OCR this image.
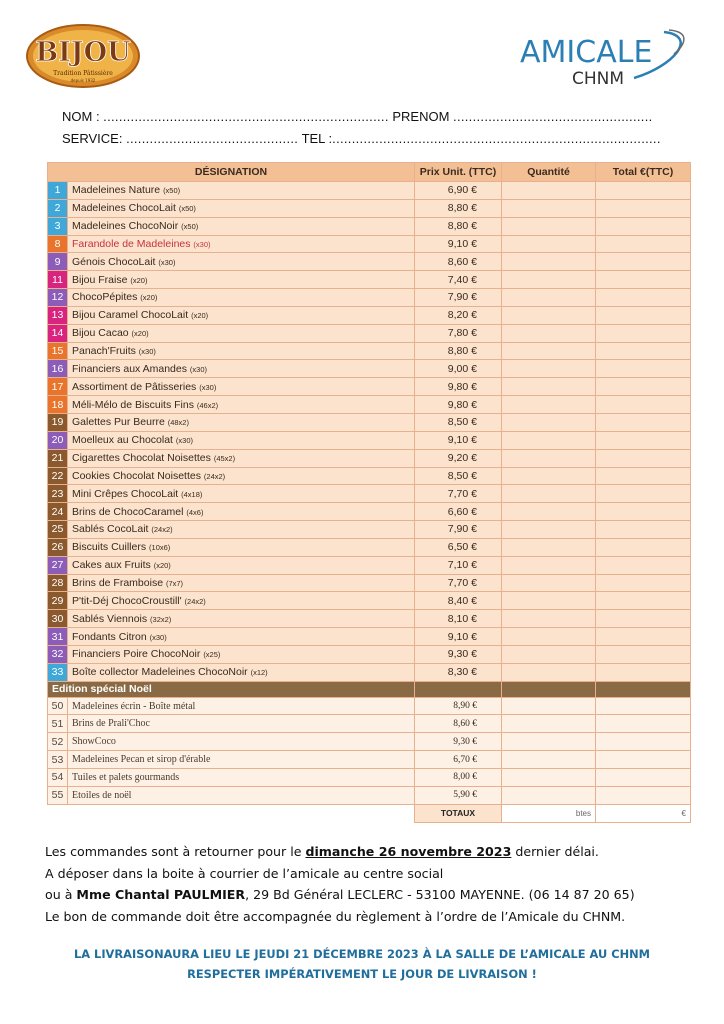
BIJOU
Tradition Pâtissière
depuis 1932
AMICALE
CHNM
NOM : ......................................................................... PRENOM ...................................................
SERVICE: ............................................ TEL :....................................................................................
DÉSIGNATION		Prix Unit. (TTC)	Quantité	Total €(TTC)
1	Madeleines Nature (x50)	6,90 €		
2	Madeleines ChocoLait (x50)	8,80 €		
3	Madeleines ChocoNoir (x50)	8,80 €		
8	Farandole de Madeleines (x30)	9,10 €		
9	Génois ChocoLait (x30)	8,60 €		
11	Bijou Fraise (x20)	7,40 €		
12	ChocoPépites (x20)	7,90 €		
13	Bijou Caramel ChocoLait (x20)	8,20 €		
14	Bijou Cacao (x20)	7,80 €		
15	Panach'Fruits (x30)	8,80 €		
16	Financiers aux Amandes (x30)	9,00 €		
17	Assortiment de Pâtisseries (x30)	9,80 €		
18	Méli-Mélo de Biscuits Fins (46x2)	9,80 €		
19	Galettes Pur Beurre (48x2)	8,50 €		
20	Moelleux au Chocolat (x30)	9,10 €		
21	Cigarettes Chocolat Noisettes (45x2)	9,20 €		
22	Cookies Chocolat Noisettes (24x2)	8,50 €		
23	Mini Crêpes ChocoLait (4x18)	7,70 €		
24	Brins de ChocoCaramel (4x6)	6,60 €		
25	Sablés CocoLait (24x2)	7,90 €		
26	Biscuits Cuillers (10x6)	6,50 €		
27	Cakes aux Fruits (x20)	7,10 €		
28	Brins de Framboise (7x7)	7,70 €		
29	P'tit-Déj ChocoCroustill' (24x2)	8,40 €		
30	Sablés Viennois (32x2)	8,10 €		
31	Fondants Citron (x30)	9,10 €		
32	Financiers Poire ChocoNoir (x25)	9,30 €		
33	Boîte collector Madeleines ChocoNoir (x12)	8,30 €		
Edition spécial Noël				
50	Madeleines écrin - Boîte métal	8,90 €		
51	Brins de Prali'Choc	8,60 €		
52	ShowCoco	9,30 €		
53	Madeleines Pecan et sirop d'érable	6,70 €		
54	Tuiles et palets gourmands	8,00 €		
55	Etoiles de noël	5,90 €		
		TOTAUX	btes	€
Les commandes sont à retourner pour le dimanche 26 novembre 2023 dernier délai.
A déposer dans la boite à courrier de l’amicale au centre social
ou à Mme Chantal PAULMIER, 29 Bd Général LECLERC - 53100 MAYENNE. (06 14 87 20 65)
Le bon de commande doit être accompagnée du règlement à l’ordre de l’Amicale du CHNM.
LA LIVRAISONAURA LIEU LE JEUDI 21 DÉCEMBRE 2023 À LA SALLE DE L’AMICALE AU CHNM
RESPECTER IMPÉRATIVEMENT LE JOUR DE LIVRAISON !
